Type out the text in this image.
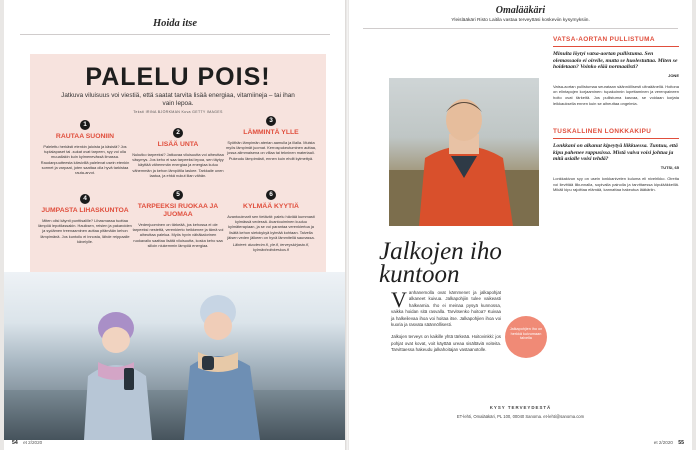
Hoida itse
PALELU POIS!
Jatkuva viluisuus voi viestiä, että saatat tarvita lisää energiaa, vitamiineja – tai ihan vain lepoa.
Teksti IRINA BJÖRKMAN Kuva GETTY IMAGES
1
RAUTAA SUONIIN
Palelettu herkästi etenkin jaloista ja käsistä? Jos tuplalapaset tai -sukat ovat tarpeen, syy voi olla muuallakin kuin kylmenevässä ilmassa. Raudanpuutteesta kärsivillä palelevat usein etenkin sormet ja varpaat, joten saattaa olla hyvä tarkistaa rauta-arvot.
2
LISÄÄ UNTA
Nukutko tarpeeksi? Jatkuvaa viluisuutta voi aiheuttaa väsymys. Jos keho ei saa tarpeeksi lepoa, sen täytyy käyttää vähemmän energiaa ja energiaa kuluu vähemmän ja kehon lämpötila laskee. Tarkkaile unen laatua, ja ehkä nukut liian vähän.
3
LÄMMINTÄ YLLE
Syöthän lämpimän aterian aamulla ja illalla. Muista myös lämpimät juomat. Kerrospukeutuminen auttaa, jossa alimmaisena on villaa tai tekninen materiaali. Pukeudu lämpimästi, ennen kuin ehdit kylmettyä.
4
JUMPASTA LIHASKUNTOA
Miten olisi käynti punttisalille? Lihasmassa tuottaa lämpöä lepotilassakin. Hauiksen, reisien ja pakaroiden ja sydämen treenaaminen auttaa pitämään kehon lämpimänä. Jos kuntoilu ei innosta, lähde reippaalle kävelylle.
5
TARPEEKSI RUOKAA JA JUOMAA
Vedenjuominen on tärkeää, jos kehossa ei ole tarpeeksi nestettä, verenkierto heikkenee ja tämä voi aiheuttaa palelua. Myös hyvin vähäkalorinen ruokavalio saattaa lisätä viluisuutta, koska keho saa silloin niukemmin lämpöä energiaa.
6
KYLMÄÄ KYYTIÄ
Avantouimarit sen tietävät: palelu häviää kummasti kylmässä vedessä. Avantouiminen kuuluu kylmäterapiaan, ja se voi parantaa verenkiertoa ja lisätä kehon sietokykyä kylmää kohtaan. Talvella jäisen veden jälkeen on hyvä lämmitellä saunassa.
Lähteet: duodecim.fi, yle.fi, terveyskirjasto.fi, kylmänhoitokeskus.fi
54 et 2/2020
Omalääkäri
Yleislääkäri Risto Laitila vastaa terveyttäsi koskeviin kysymyksiin.
Jalkojen iho kuntoon

V anhanemolla ovat kämmenet ja jalkapohjat alkaneet kuivua. Jalkapohjiin tulee vaikeasti halkeamia. Iho ei meinaa pysyä kunnossa, vaikka hoidan sitä rasvalla. Tarvitsenko hoitoa? Kuivaa ja halkeilevaa ihoa voi hoitaa itse. Jalkapohjien ihoa voi kuoria ja rasvata säännöllisesti.

Jalkojen terveys on kaikille yhtä tärkeää. Hoitovinkki: jos pohjat ovat kovat, voit käyttää ureaa sisältäviä voiteita. Tarvittaessa hakeudu jalkahoitajan vastaanotolle.

Jalkapohjien iho on herkkä kuivumaan talvella
VATSA-AORTAN PULLISTUMA
Minulta löytyi vatsa-aortan pullistuma. Sen olemassaolo ei oireile, mutta se huolestuttaa. Miten se hoidetaan? Voinko elää normaalisti?
JONE
Vatsa-aortan pullistumaa seurataan säännöllisesti ultraäänellä. Hoitona on elintapojen korjaaminen: tupakoinnin lopettaminen ja verenpaineen hoito ovat tärkeitä. Jos pullistuma kasvaa, se voidaan korjata leikkauksella ennen kuin se aiheuttaa ongelmia.
TUSKALLINEN LONKKAKIPU
Lonkkani on alkanut kipeytyä liikkuessa. Tuntuu, että kipu pahenee rappusissa. Mistä vaiva voisi johtua ja mitä asialle voisi tehdä?
TUTSI, 65
Lonkkakivun syy on usein lonkkanivelen kuluma eli nivelrikko. Oireita voi lievittää liikunnalla, sopivalla painolla ja tarvittaessa kipulääkkeillä. Mikäli kipu rajoittaa elämää, kannattaa hakeutua lääkäriin.
KYSY TERVEYDESTÄ
ET-lehti, Omalääkäri, PL 100, 00040 Sanoma. et-lehti@sanoma.com
et 2/2020 55
